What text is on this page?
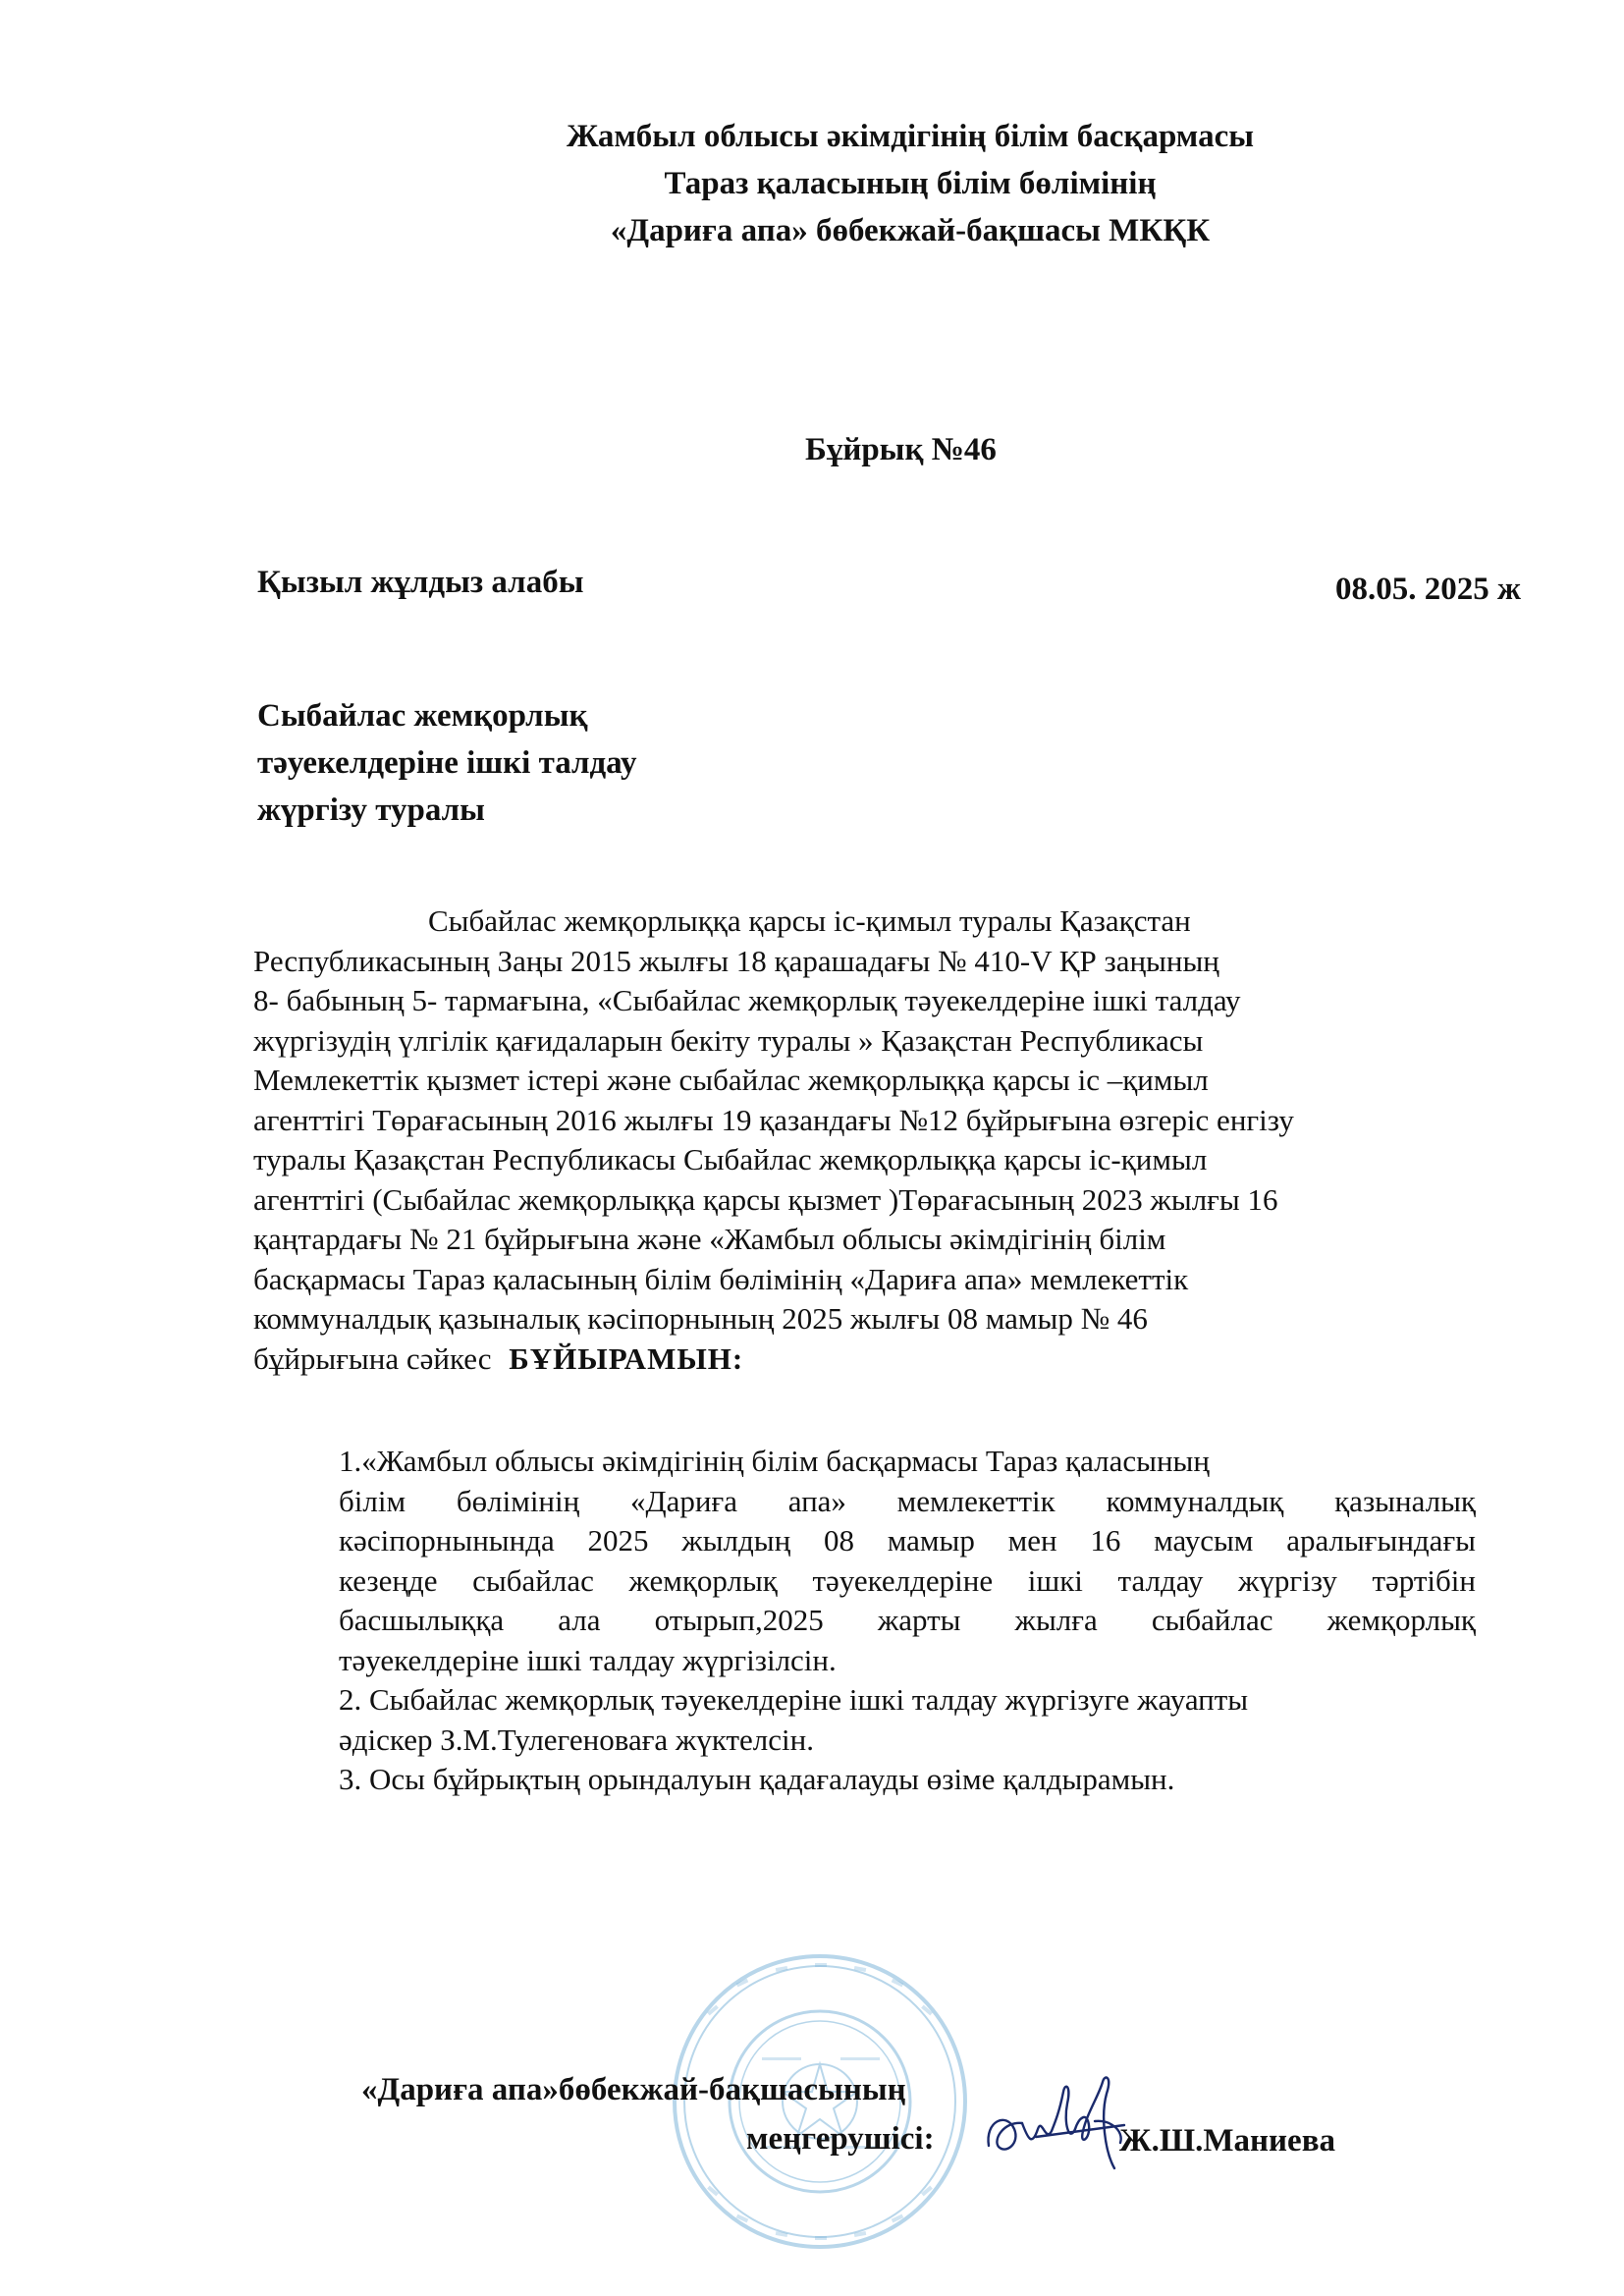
Жамбыл облысы әкімдігінің білім басқармасы
Тараз қаласының білім бөлімінің
«Дариға апа» бөбекжай-бақшасы МКҚК
Бұйрық №46
Қызыл жұлдыз алабы	08.05. 2025 ж
Сыбайлас жемқорлық
тәуекелдеріне ішкі талдау
жүргізу туралы
Сыбайлас жемқорлыққа қарсы іс-қимыл туралы Қазақстан
Республикасының Заңы 2015 жылғы 18 қарашадағы № 410-V ҚР заңының
8- бабының 5- тармағына, «Сыбайлас жемқорлық тәуекелдеріне ішкі талдау
жүргізудің үлгілік қағидаларын бекіту туралы » Қазақстан Республикасы
Мемлекеттік қызмет істері және сыбайлас жемқорлыққа қарсы іс –қимыл
агенттігі Төрағасының 2016 жылғы 19 қазандағы №12 бұйрығына өзгеріс енгізу
туралы Қазақстан Республикасы Сыбайлас жемқорлыққа қарсы іс-қимыл
агенттігі (Сыбайлас жемқорлыққа қарсы қызмет )Төрағасының 2023 жылғы 16
қаңтардағы № 21 бұйрығына және «Жамбыл облысы әкімдігінің білім
басқармасы Тараз қаласының білім бөлімінің «Дариға апа» мемлекеттік
коммуналдық қазыналық кәсіпорнының 2025 жылғы 08 мамыр № 46
бұйрығына сәйкес БҰЙЫРАМЫН:
1.«Жамбыл облысы әкімдігінің білім басқармасы Тараз қаласының
білім бөлімінің «Дариға апа» мемлекеттік коммуналдық қазыналық
кәсіпорнынында 2025 жылдың 08 мамыр мен 16 маусым аралығындағы
кезеңде сыбайлас жемқорлық тәуекелдеріне ішкі талдау жүргізу тәртібін
басшылыққа ала отырып,2025 жарты жылға сыбайлас жемқорлық
тәуекелдеріне ішкі талдау жүргізілсін.
2. Сыбайлас жемқорлық тәуекелдеріне ішкі талдау жүргізуге жауапты
әдіскер З.М.Тулегеноваға жүктелсін.
3. Осы бұйрықтың орындалуын қадағалауды өзіме қалдырамын.
«Дариға апа»бөбекжай-бақшасының
меңгерушісі:	Ж.Ш.Маниева
